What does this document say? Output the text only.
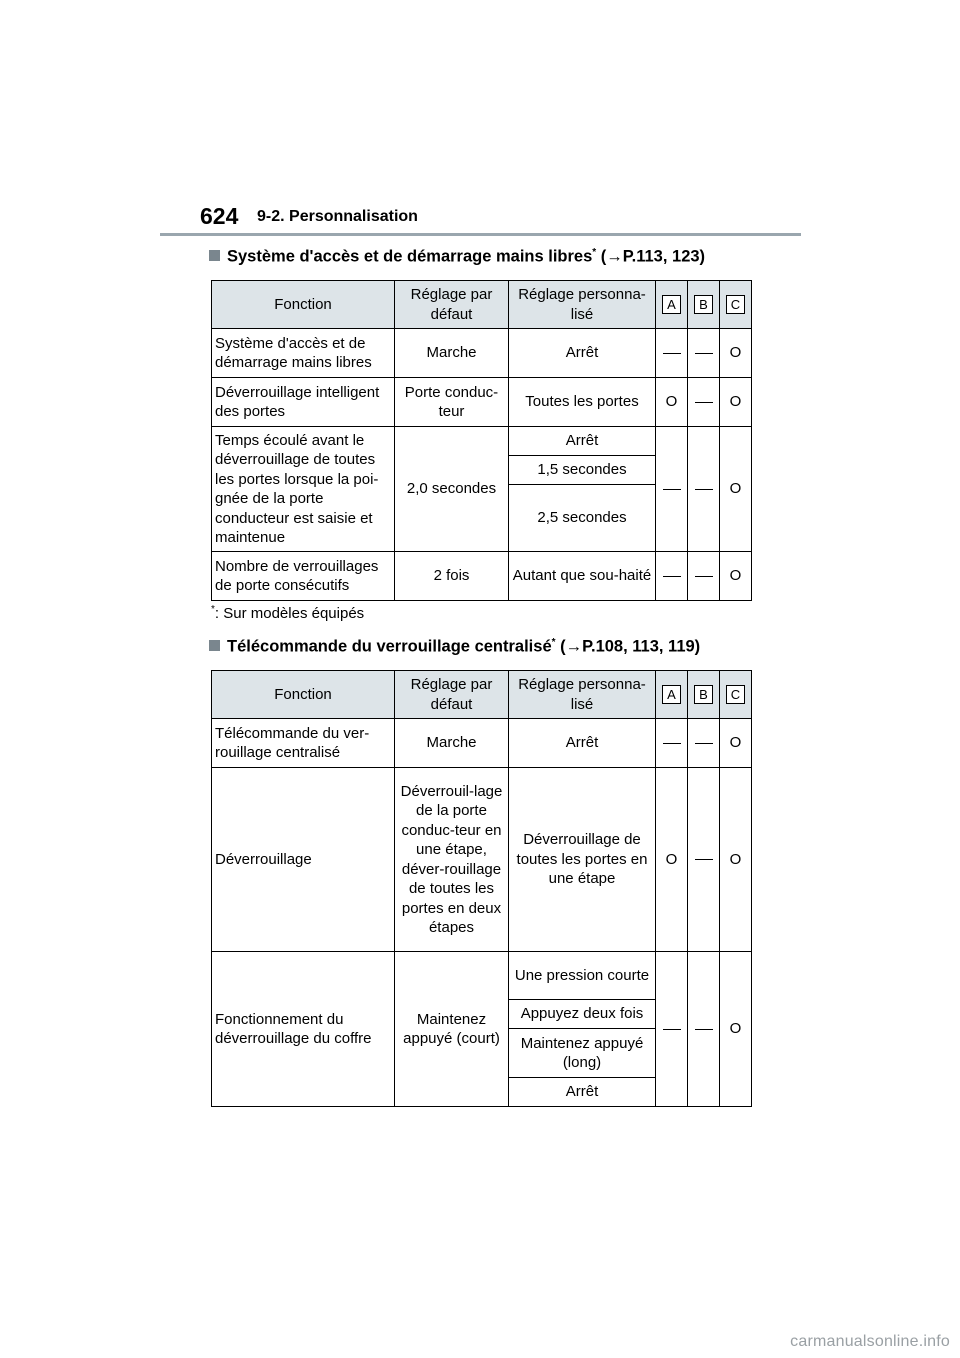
624 9-2. Personnalisation
Système d'accès et de démarrage mains libres* (→P.113, 123)
Fonction	Réglage par défaut	Réglage personna-lisé	A	B	C
Système d'accès et de démarrage mains libres	Marche	Arrêt			O
Déverrouillage intelligent des portes	Porte conduc-teur	Toutes les portes	O		O
Temps écoulé avant le déverrouillage de toutes les portes lorsque la poi-gnée de la porte conducteur est saisie et maintenue	2,0 secondes	Arrêt			O
		1,5 secondes			
		2,5 secondes			
Nombre de verrouillages de porte consécutifs	2 fois	Autant que sou-haité			O
*: Sur modèles équipés
Télécommande du verrouillage centralisé* (→P.108, 113, 119)
Fonction	Réglage par défaut	Réglage personna-lisé	A	B	C
Télécommande du ver-rouillage centralisé	Marche	Arrêt			O
Déverrouillage	Déverrouil-lage de la porte conduc-teur en une étape, déver-rouillage de toutes les portes en deux étapes	Déverrouillage de toutes les portes en une étape	O		O
Fonctionnement du déverrouillage du coffre	Maintenez appuyé (court)	Une pression courte			O
		Appuyez deux fois			
		Maintenez appuyé (long)			
		Arrêt			
carmanualsonline.info
